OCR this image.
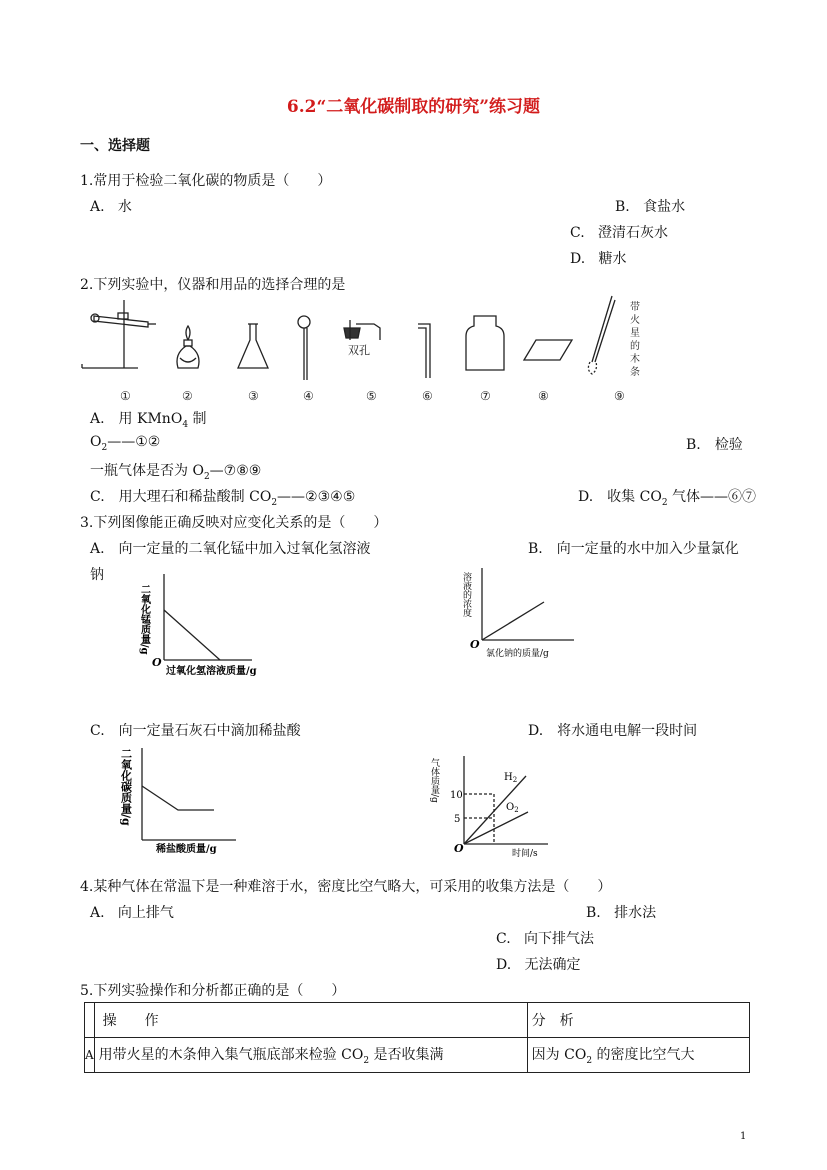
6.2“二氧化碳制取的研究”练习题
一、选择题
1.常用于检验二氧化碳的物质是（　　）
A. 水	B. 食盐水
C. 澄清石灰水
D. 糖水
2.下列实验中，仪器和用品的选择合理的是
双孔
带
火
星
的
木
条
①	②	③	④	⑤	⑥	⑦	⑧	⑨
A.　用 KMnO$_4$ 制
$O_2——①②$	B.　检验
一瓶气体是否为 $O_2—⑦⑧⑨$
C.　用大理石和稀盐酸制 $CO_2——②③④⑤$	D.　收集 $CO_2$ 气体——⑥⑦
3.下列图像能正确反映对应变化关系的是（　　）
A.　向一定量的二氧化锰中加入过氧化氢溶液	B.　向一定量的水中加入少量氯化
钠
O
二氧化锰质量/g
过氧化氢溶液质量/g
O
溶液的浓度
氯化钠的质量/g
C.　向一定量石灰石中滴加稀盐酸	D.　将水通电电解一段时间
二氧化碳质量/g
稀盐酸质量/g	O
气体质量/g 10
5
时间/s
$H_2$
$O_2$
4.某种气体在常温下是一种难溶于水，密度比空气略大，可采用的收集方法是（　　）
A. 向上排气	B. 排水法
C. 向下排气法
D. 无法确定
5.下列实验操作和分析都正确的是（　　）
	操　　作	分　析
A	用带火星的木条伸入集气瓶底部来检验 $CO_2$ 是否收集满	因为 $CO_2$ 的密度比空气大
1
